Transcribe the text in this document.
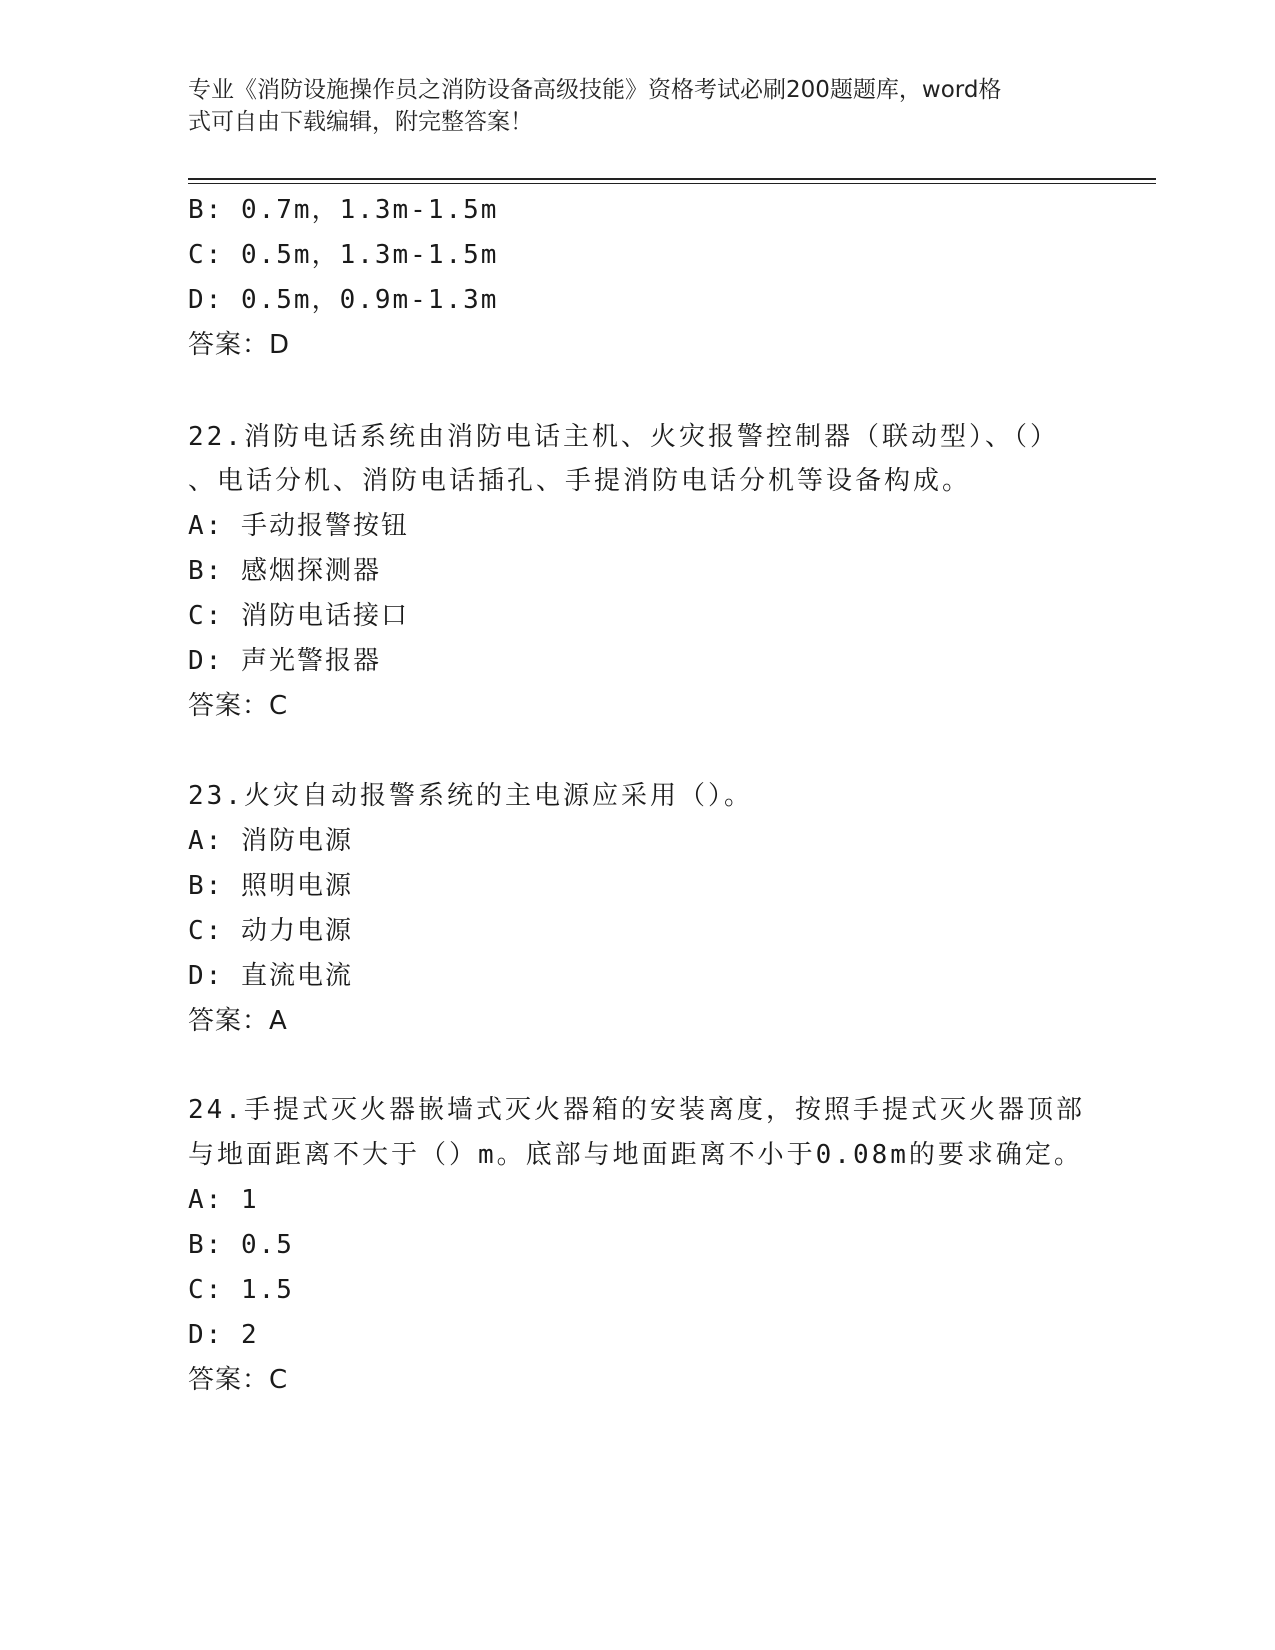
专业《消防设施操作员之消防设备高级技能》资格考试必刷200题题库，word格
式可自由下载编辑，附完整答案！
B: 0.7m，1.3m-1.5m
C: 0.5m，1.3m-1.5m
D: 0.5m，0.9m-1.3m
答案：D
22.消防电话系统由消防电话主机、火灾报警控制器（联动型）、（）
、电话分机、消防电话插孔、手提消防电话分机等设备构成。
A: 手动报警按钮
B: 感烟探测器
C: 消防电话接口
D: 声光警报器
答案：C
23.火灾自动报警系统的主电源应采用（）。
A: 消防电源
B: 照明电源
C: 动力电源
D: 直流电流
答案：A
24.手提式灭火器嵌墙式灭火器箱的安装离度，按照手提式灭火器顶部
与地面距离不大于（）m。底部与地面距离不小于0.08m的要求确定。
A: 1
B: 0.5
C: 1.5
D: 2
答案：C
